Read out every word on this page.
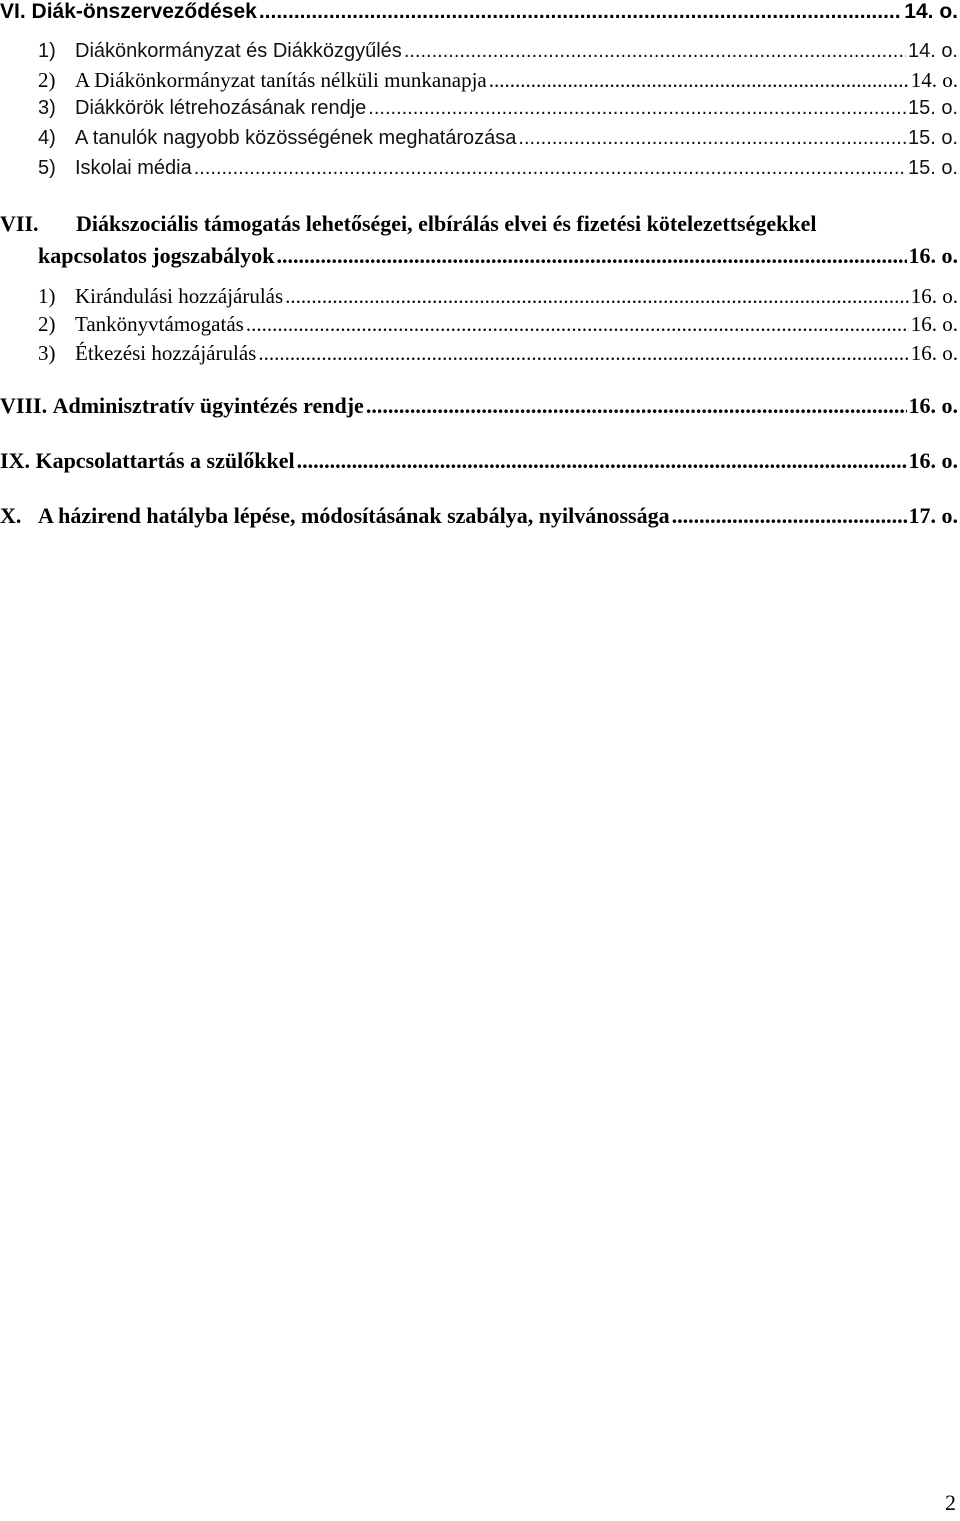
VI. Diák-önszerveződések .....	14. o.
1) Diákönkormányzat és Diákközgyűlés .....	14. o.
2) A Diákönkormányzat tanítás nélküli munkanapja .....	14. o.
3) Diákkörök létrehozásának rendje .....	15. o.
4) A tanulók nagyobb közösségének meghatározása .....	15. o.
5) Iskolai média .....	15. o.
VII.	Diákszociális támogatás lehetőségei, elbírálás elvei és fizetési kötelezettségekkel
kapcsolatos jogszabályok .....	16. o.
1) Kirándulási hozzájárulás .....	16. o.
2) Tankönyvtámogatás .....	16. o.
3) Étkezési hozzájárulás .....	16. o.
VIII. Adminisztratív ügyintézés rendje .....	16. o.
IX. Kapcsolattartás a szülőkkel .....	16. o.
X. A házirend hatályba lépése, módosításának szabálya, nyilvánossága .....	17. o.
2
